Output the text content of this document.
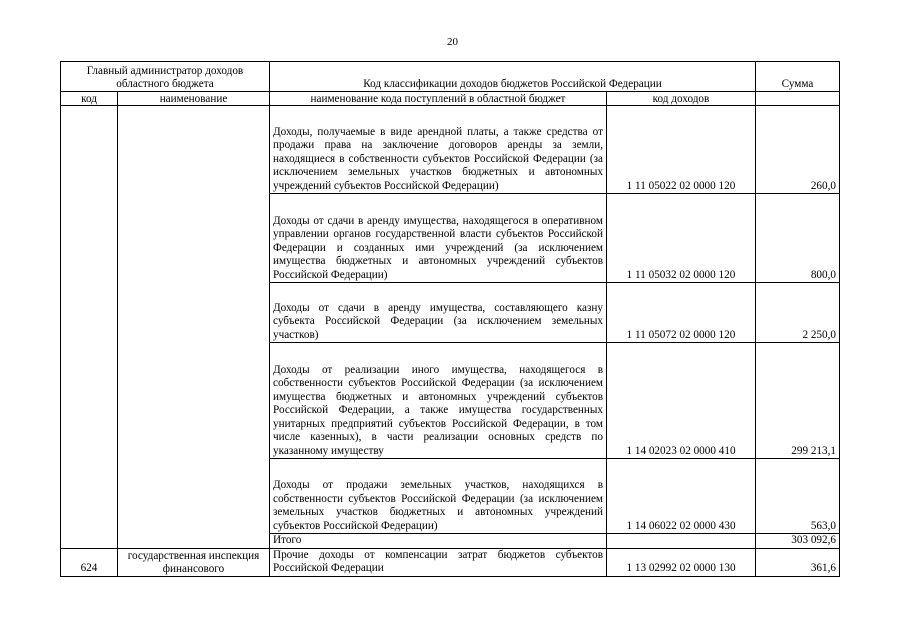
20
Главный администратор доходов областного бюджета		Код классификации доходов бюджетов Российской Федерации		Сумма
код	наименование	наименование кода поступлений в областной бюджет	код доходов	
		Доходы, получаемые в виде арендной платы, а также средства от продажи права на заключение договоров аренды за земли, находящиеся в собственности субъектов Российской Федерации (за исключением земельных участков бюджетных и автономных учреждений субъектов Российской Федерации)	1 11 05022 02 0000 120	260,0
		Доходы от сдачи в аренду имущества, находящегося в оперативном управлении органов государственной власти субъектов Российской Федерации и созданных ими учреждений (за исключением имущества бюджетных и автономных учреждений субъектов Российской Федерации)	1 11 05032 02 0000 120	800,0
		Доходы от сдачи в аренду имущества, составляющего казну субъекта Российской Федерации (за исключением земельных участков)	1 11 05072 02 0000 120	2 250,0
		Доходы от реализации иного имущества, находящегося в собственности субъектов Российской Федерации (за исключением имущества бюджетных и автономных учреждений субъектов Российской Федерации, а также имущества государственных унитарных предприятий субъектов Российской Федерации, в том числе казенных), в части реализации основных средств по указанному имуществу	1 14 02023 02 0000 410	299 213,1
		Доходы от продажи земельных участков, находящихся в собственности субъектов Российской Федерации (за исключением земельных участков бюджетных и автономных учреждений субъектов Российской Федерации)	1 14 06022 02 0000 430	563,0
		Итого		303 092,6
624	государственная инспекция финансового	Прочие доходы от компенсации затрат бюджетов субъектов Российской Федерации	1 13 02992 02 0000 130	361,6
